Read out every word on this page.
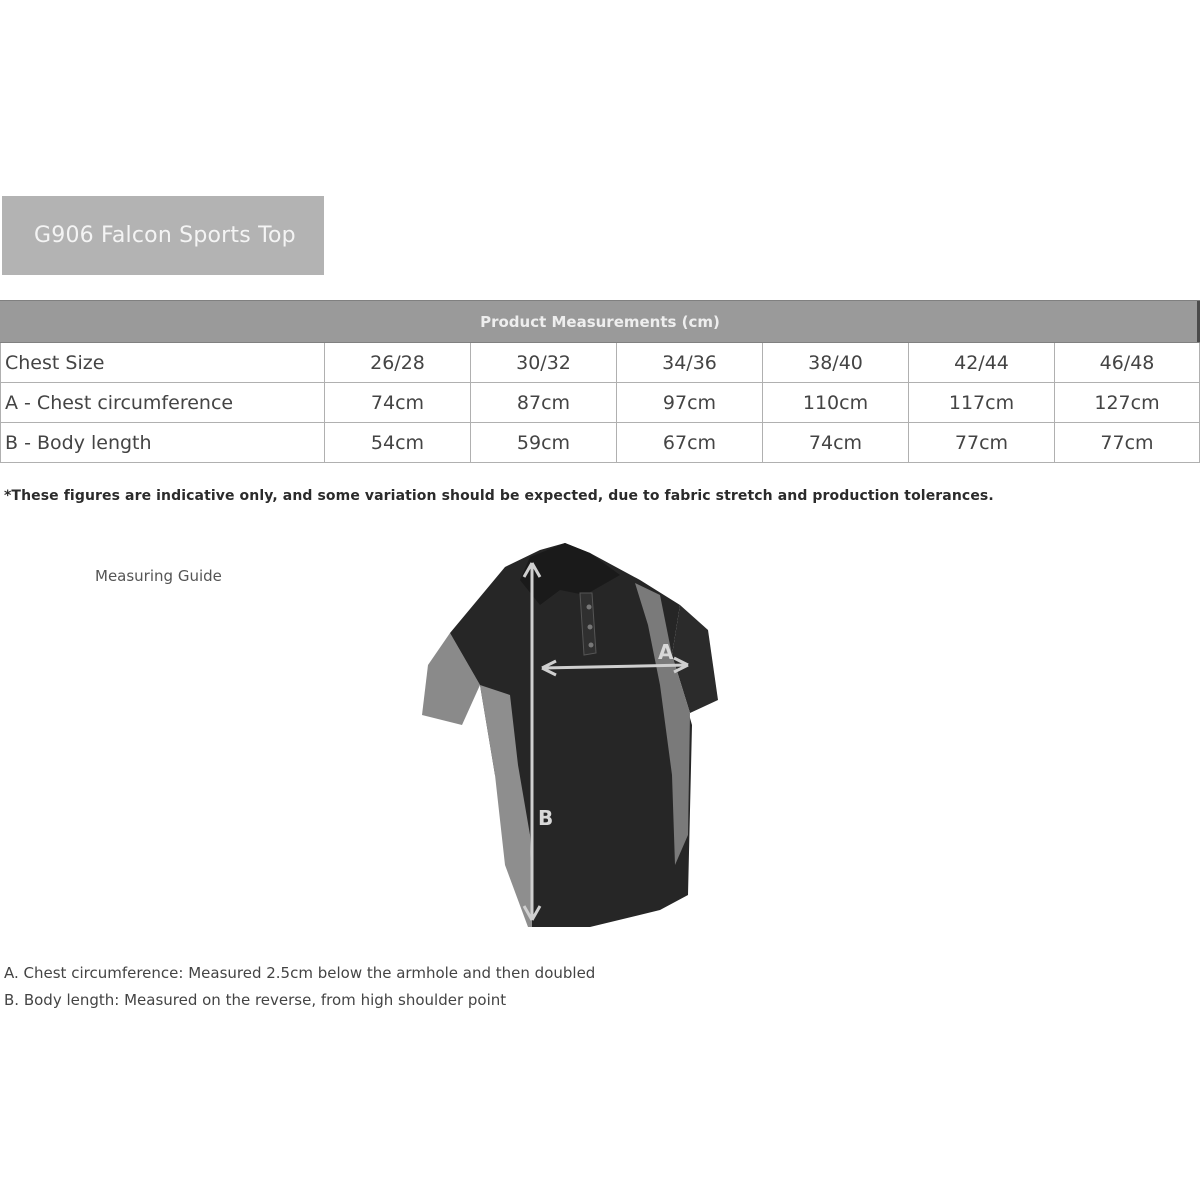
G906 Falcon Sports Top
Product Measurements (cm)
Chest Size	26/28	30/32	34/36	38/40	42/44	46/48
A - Chest circumference	74cm	87cm	97cm	110cm	117cm	127cm
B - Body length	54cm	59cm	67cm	74cm	77cm	77cm
*These figures are indicative only, and some variation should be expected, due to fabric stretch and production tolerances.
Measuring Guide
A
B
A. Chest circumference: Measured 2.5cm below the armhole and then doubled
B. Body length: Measured on the reverse, from high shoulder point
